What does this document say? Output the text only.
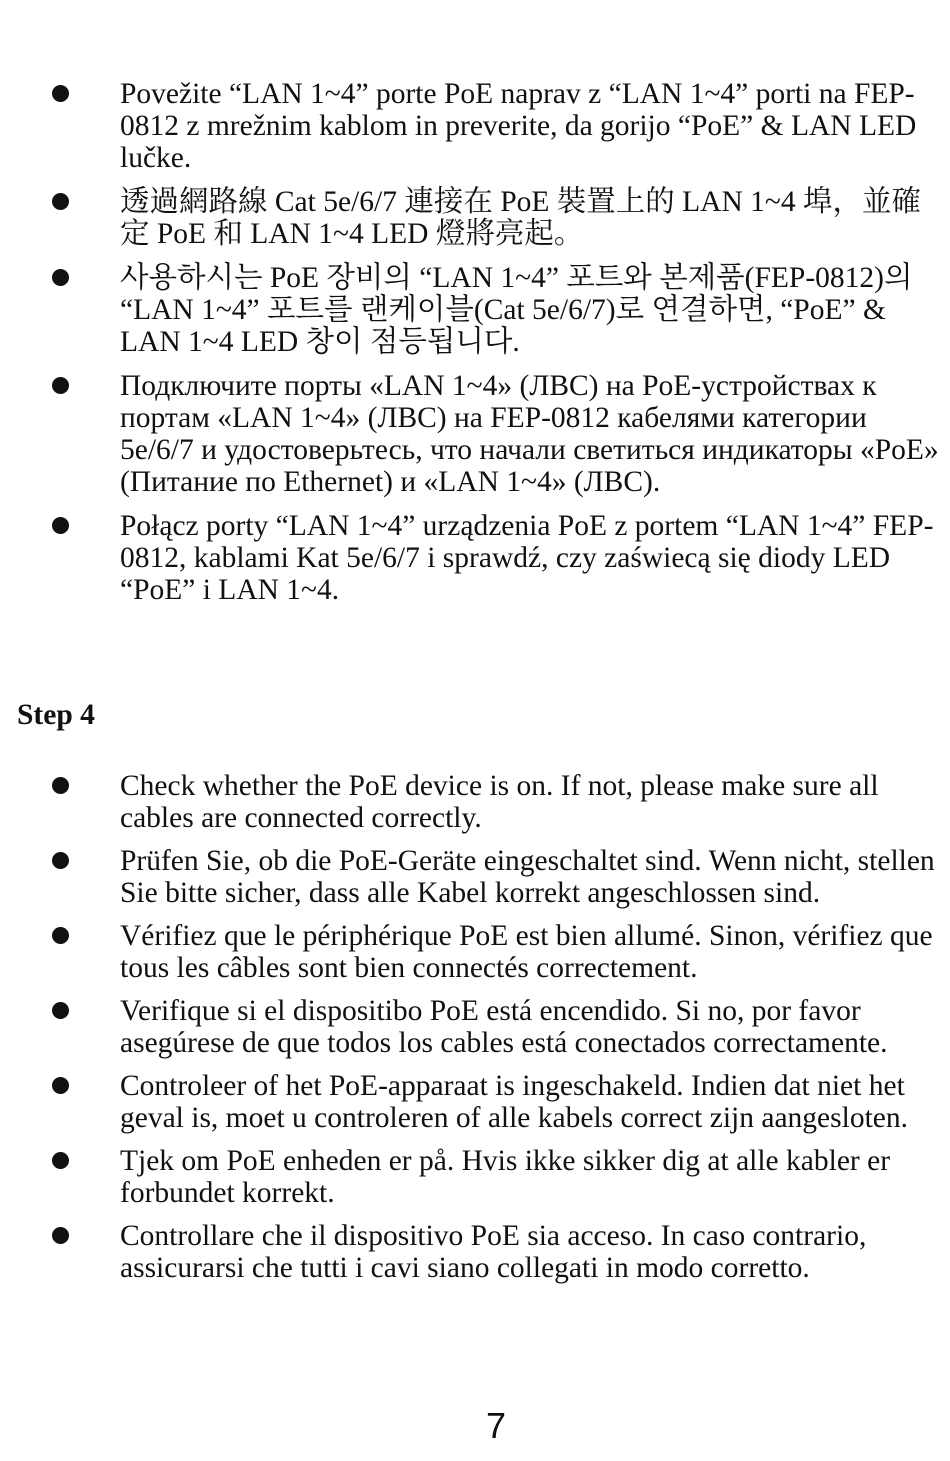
Povežite “LAN 1~4” porte PoE naprav z “LAN 1~4” porti na FEP-0812 z mrežnim kablom in preverite, da gorijo “PoE” & LAN LED lučke.
透過網路線 Cat 5e/6/7 連接在 PoE 裝置上的 LAN 1~4 埠，並確定 PoE 和 LAN 1~4 LED 燈將亮起。
사용하시는 PoE 장비의 “LAN 1~4” 포트와 본제품(FEP-0812)의 “LAN 1~4” 포트를 랜케이블(Cat 5e/6/7)로 연결하면, “PoE” & LAN 1~4 LED 창이 점등됩니다.
Подключите порты «LAN 1~4» (ЛВС) на PoE-устройствах к портам «LAN 1~4» (ЛВС) на FEP-0812 кабелями категории 5e/6/7 и удостоверьтесь, что начали светиться индикаторы «PoE» (Питание по Ethernet) и «LAN 1~4» (ЛВС).
Połącz porty “LAN 1~4” urządzenia PoE z portem “LAN 1~4” FEP-0812, kablami Kat 5e/6/7 i sprawdź, czy zaświecą się diody LED “PoE” i LAN 1~4.
Step 4
Check whether the PoE device is on. If not, please make sure all cables are connected correctly.
Prüfen Sie, ob die PoE-Geräte eingeschaltet sind. Wenn nicht, stellen Sie bitte sicher, dass alle Kabel korrekt angeschlossen sind.
Vérifiez que le périphérique PoE est bien allumé. Sinon, vérifiez que tous les câbles sont bien connectés correctement.
Verifique si el dispositibo PoE está encendido. Si no, por favor asegúrese de que todos los cables está conectados correctamente.
Controleer of het PoE-apparaat is ingeschakeld. Indien dat niet het geval is, moet u controleren of alle kabels correct zijn aangesloten.
Tjek om PoE enheden er på. Hvis ikke sikker dig at alle kabler er forbundet korrekt.
Controllare che il dispositivo PoE sia acceso. In caso contrario, assicurarsi che tutti i cavi siano collegati in modo corretto.
7
